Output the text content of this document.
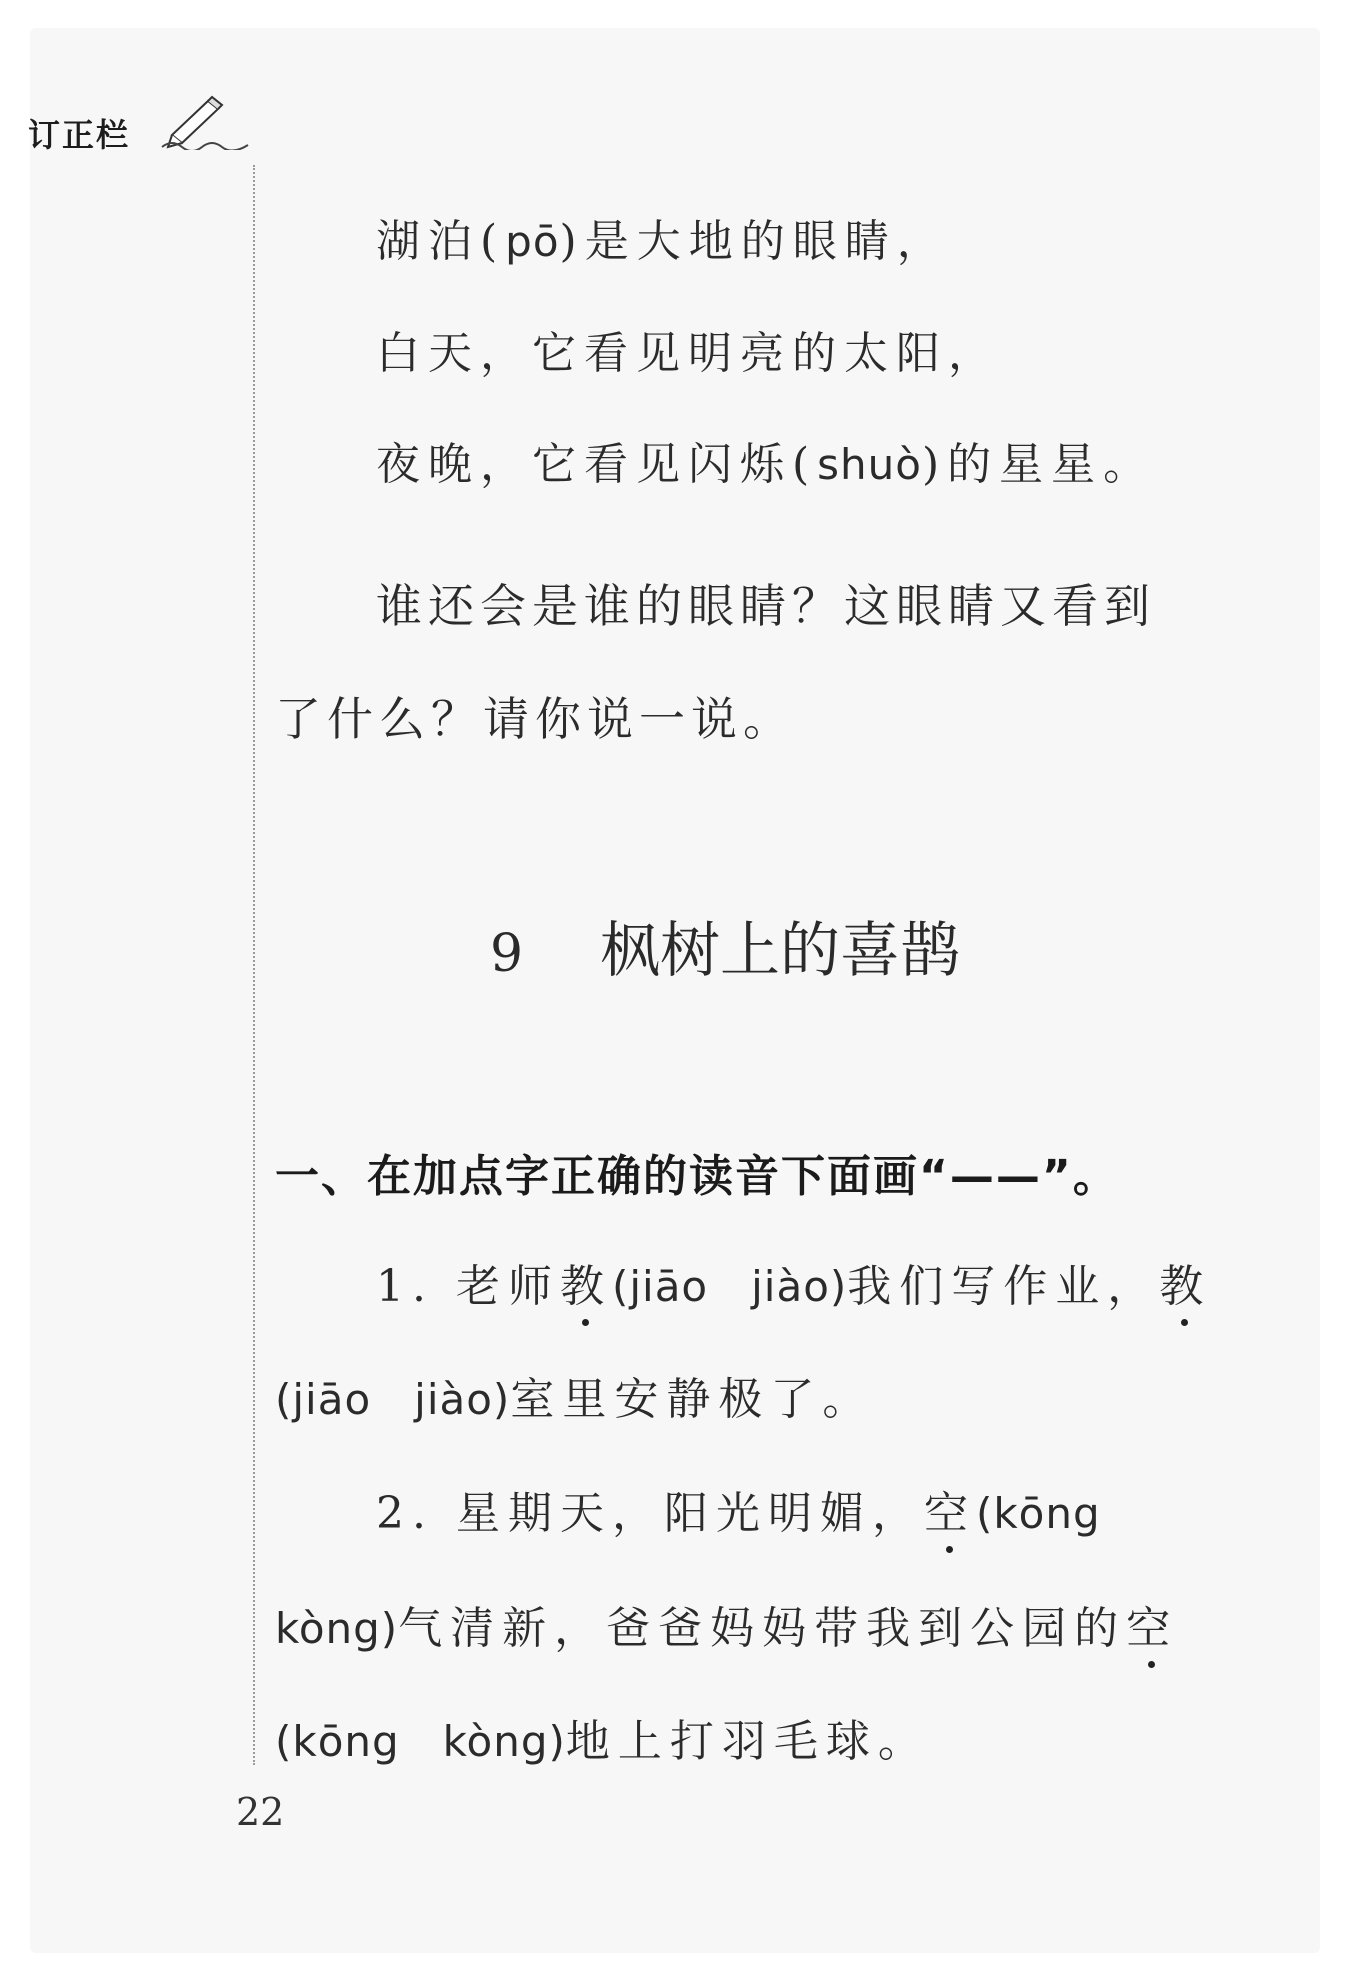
订正栏
湖泊(pō)是大地的眼睛，
白天，它看见明亮的太阳，
夜晚，它看见闪烁(shuò)的星星。
谁还会是谁的眼睛？这眼睛又看到
了什么？请你说一说。
9 枫树上的喜鹊
一、在加点字正确的读音下面画“——”。
1. 老师教(jiāo　jiào)我们写作业，教
(jiāo　jiào)室里安静极了。
2. 星期天，阳光明媚，空(kōng
kòng)气清新，爸爸妈妈带我到公园的空
(kōng　kòng)地上打羽毛球。
22
